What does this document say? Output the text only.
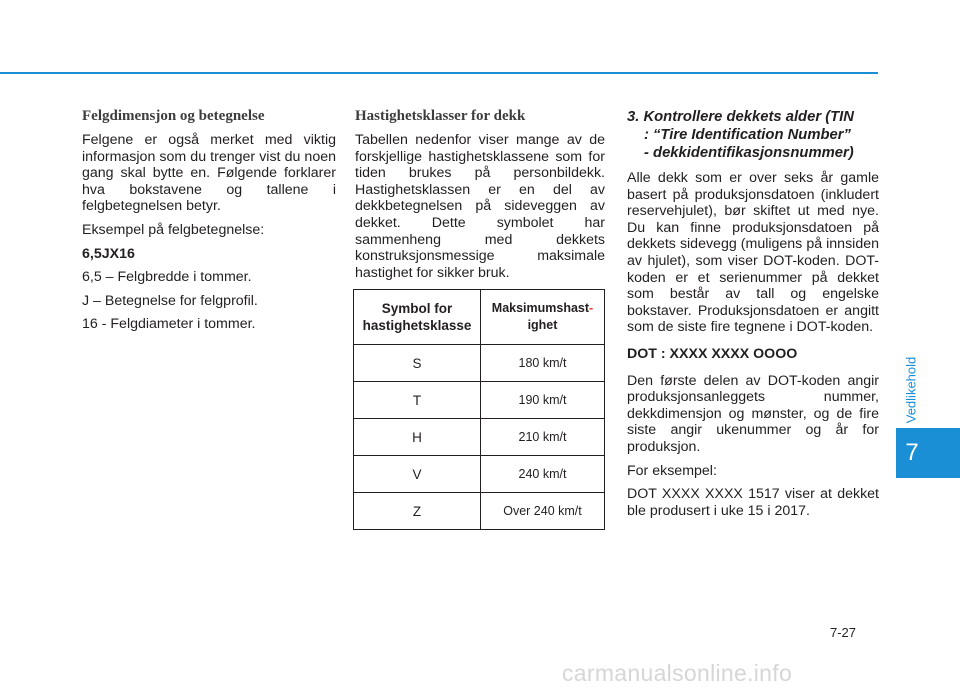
Felgdimensjon og betegnelse

Felgene er også merket med viktig informasjon som du trenger vist du noen gang skal bytte en. Følgende forklarer hva bokstavene og tallene i felgbetegnelsen betyr.

Eksempel på felgbetegnelse:

6,5JX16

6,5 – Felgbredde i tommer.

J – Betegnelse for felgprofil.

16 - Felgdiameter i tommer.

Hastighetsklasser for dekk

Tabellen nedenfor viser mange av de forskjellige hastighetsklassene som for tiden brukes på personbildekk. Hastighetsklassen er en del av dekkbetegnelsen på sideveggen av dekket. Dette symbolet har sammenheng med dekkets konstruksjonsmessige maksimale hastighet for sikker bruk.

Symbol for
hastighetsklasse	Maksimumshast-
ighet
S	180 km/t
T	190 km/t
H	210 km/t
V	240 km/t
Z	Over 240 km/t
3. Kontrollere dekkets alder (TIN
: “Tire Identification Number”
- dekkidentifikasjonsnummer)

Alle dekk som er over seks år gamle basert på produksjonsdatoen (inkludert reservehjulet), bør skiftet ut med nye. Du kan finne produksjonsdatoen på dekkets sidevegg (muligens på innsiden av hjulet), som viser DOT-koden. DOT-koden er et serienummer på dekket som består av tall og engelske bokstaver. Produksjonsdatoen er angitt som de siste fire tegnene i DOT-koden.

DOT : XXXX XXXX OOOO

Den første delen av DOT-koden angir produksjonsanleggets nummer, dekkdimensjon og mønster, og de fire siste angir ukenummer og år for produksjon.

For eksempel:

DOT XXXX XXXX 1517 viser at dekket ble produsert i uke 15 i 2017.

Vedlikehold
7
7-27
carmanualsonline.info
